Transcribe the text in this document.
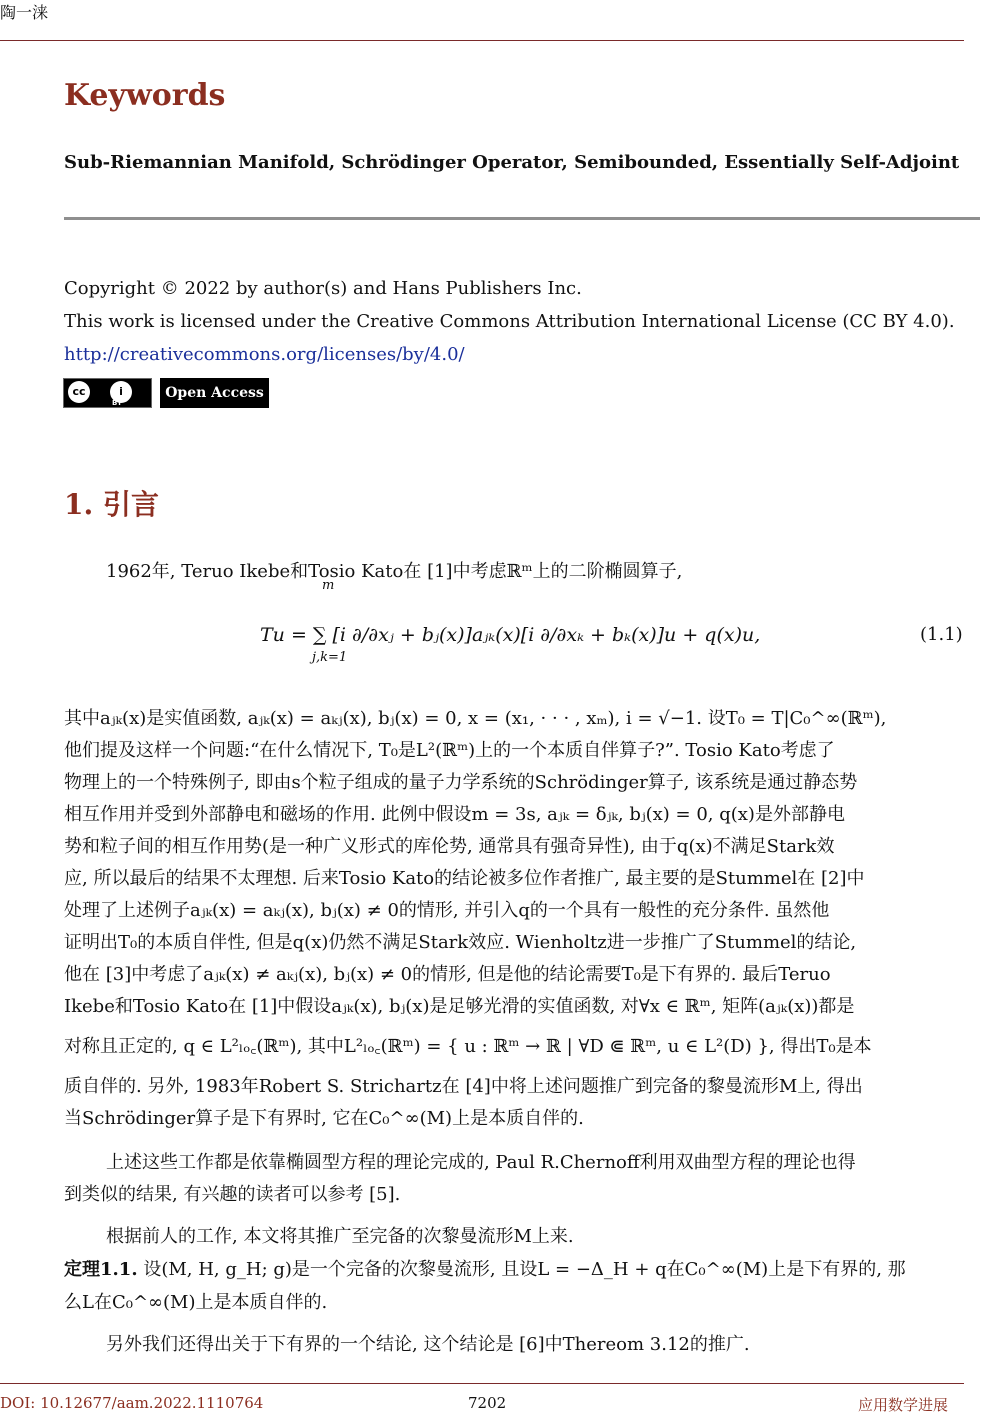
陶一涞
Keywords
Sub-Riemannian Manifold, Schrödinger Operator, Semibounded, Essentially Self-Adjoint
Copyright © 2022 by author(s) and Hans Publishers Inc.
This work is licensed under the Creative Commons Attribution International License (CC BY 4.0).
http://creativecommons.org/licenses/by/4.0/
cc	i
BY
Open Access
1. 引言
1962年, Teruo Ikebe和Tosio Kato在 [1]中考虑ℝᵐ上的二阶椭圆算子,
m
Tu = ∑ [i ∂/∂xⱼ + bⱼ(x)]aⱼₖ(x)[i ∂/∂xₖ + bₖ(x)]u + q(x)u,
j,k=1
(1.1)
其中aⱼₖ(x)是实值函数, aⱼₖ(x) = aₖⱼ(x), bⱼ(x) = 0, x = (x₁, · · · , xₘ), i = √−1. 设T₀ = T|C₀^∞(ℝᵐ),
他们提及这样一个问题:“在什么情况下, T₀是L²(ℝᵐ)上的一个本质自伴算子?”. Tosio Kato考虑了
物理上的一个特殊例子, 即由s个粒子组成的量子力学系统的Schrödinger算子, 该系统是通过静态势
相互作用并受到外部静电和磁场的作用. 此例中假设m = 3s, aⱼₖ = δⱼₖ, bⱼ(x) = 0, q(x)是外部静电
势和粒子间的相互作用势(是一种广义形式的库伦势, 通常具有强奇异性), 由于q(x)不满足Stark效
应, 所以最后的结果不太理想. 后来Tosio Kato的结论被多位作者推广, 最主要的是Stummel在 [2]中
处理了上述例子aⱼₖ(x) = aₖⱼ(x), bⱼ(x) ≠ 0的情形, 并引入q的一个具有一般性的充分条件. 虽然他
证明出T₀的本质自伴性, 但是q(x)仍然不满足Stark效应. Wienholtz进一步推广了Stummel的结论,
他在 [3]中考虑了aⱼₖ(x) ≠ aₖⱼ(x), bⱼ(x) ≠ 0的情形, 但是他的结论需要T₀是下有界的. 最后Teruo
Ikebe和Tosio Kato在 [1]中假设aⱼₖ(x), bⱼ(x)是足够光滑的实值函数, 对∀x ∈ ℝᵐ, 矩阵(aⱼₖ(x))都是
对称且正定的, q ∈ L²ₗₒ꜀(ℝᵐ), 其中L²ₗₒ꜀(ℝᵐ) = { u : ℝᵐ → ℝ | ∀D ⋐ ℝᵐ, u ∈ L²(D) }, 得出T₀是本
质自伴的. 另外, 1983年Robert S. Strichartz在 [4]中将上述问题推广到完备的黎曼流形M上, 得出
当Schrödinger算子是下有界时, 它在C₀^∞(M)上是本质自伴的.
上述这些工作都是依靠椭圆型方程的理论完成的, Paul R.Chernoff利用双曲型方程的理论也得
到类似的结果, 有兴趣的读者可以参考 [5].
根据前人的工作, 本文将其推广至完备的次黎曼流形M上来.
定理1.1. 设(M, H, g_H; g)是一个完备的次黎曼流形, 且设L = −Δ_H + q在C₀^∞(M)上是下有界的, 那
么L在C₀^∞(M)上是本质自伴的.
另外我们还得出关于下有界的一个结论, 这个结论是 [6]中Thereom 3.12的推广.
DOI: 10.12677/aam.2022.1110764	7202	应用数学进展
